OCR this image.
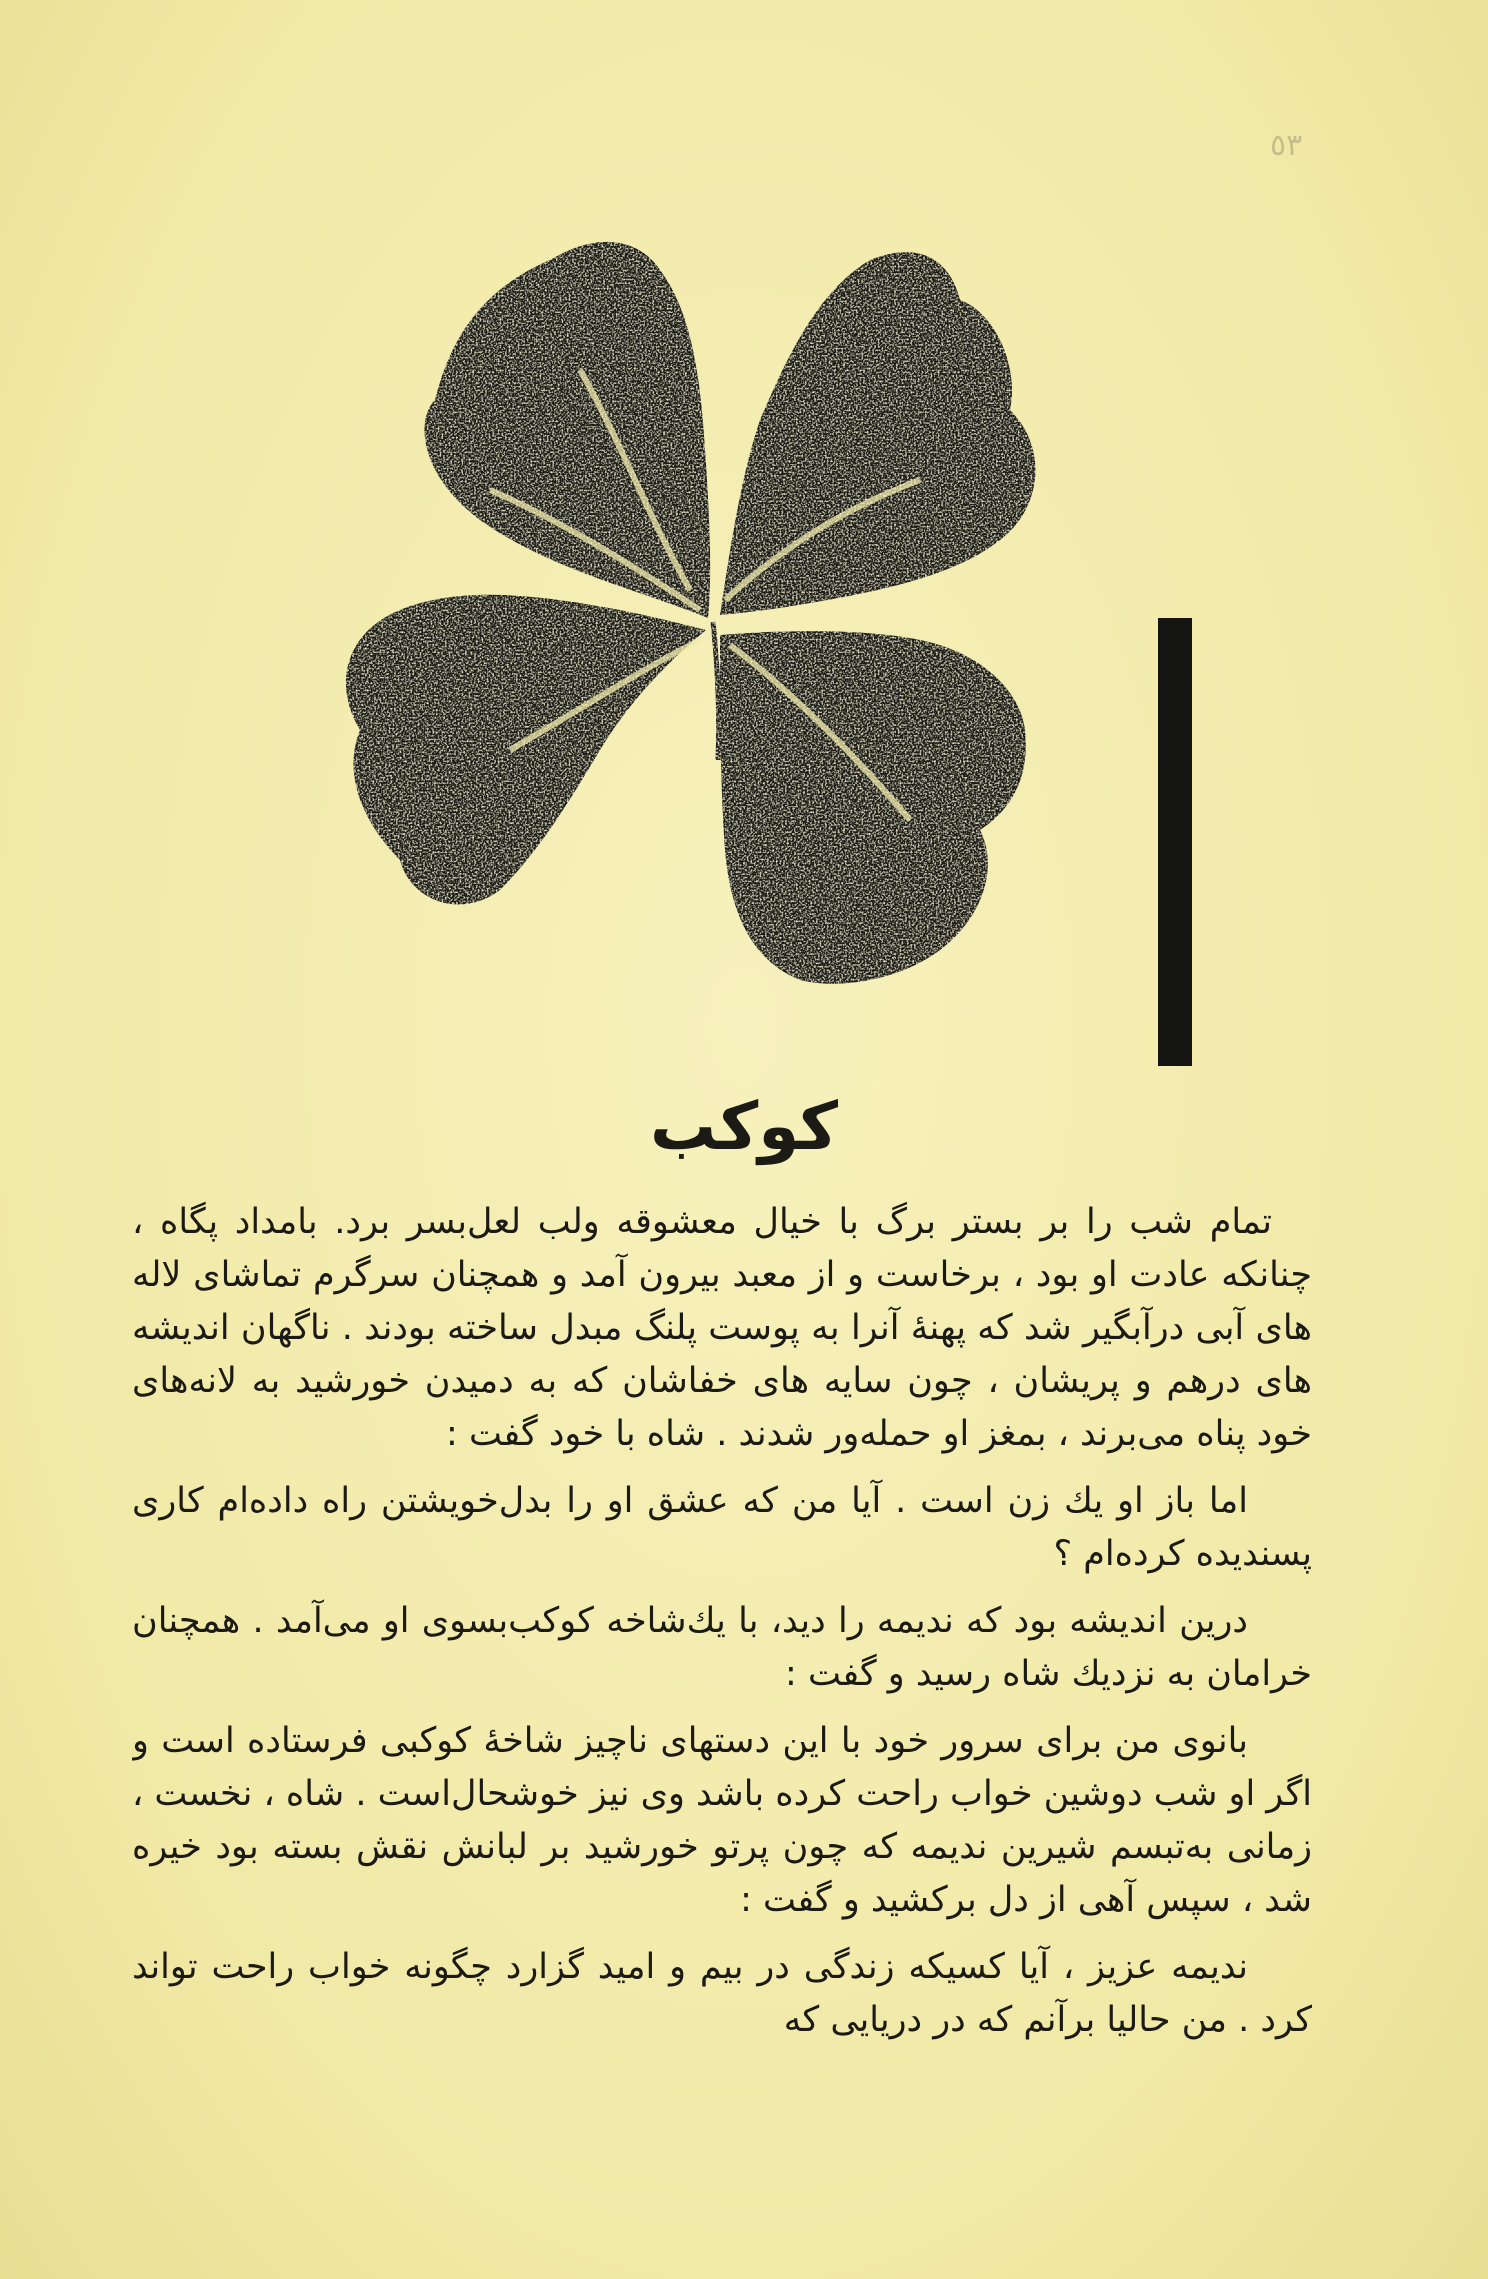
٥٣
کوکب

تمام شب را بر بستر برگ با خیال معشوقه ولب لعل‌بسر برد. بامداد پگاه ، چنانکه عادت او بود ، برخاست و از معبد بیرون آمد و همچنان سرگرم تماشای لاله های آبی درآبگیر شد که پهنهٔ آنرا به پوست پلنگ مبدل ساخته بودند . ناگهان اندیشه های درهم و پریشان ، چون سایه های خفاشان که به دمیدن خورشید به لانه‌های خود پناه می‌برند ، بمغز او حمله‌ور شدند . شاه با خود گفت :

اما باز او یك زن است . آیا من که عشق او را بدل‌خویشتن راه داده‌ام کاری پسندیده کرده‌ام ؟

درین اندیشه بود که ندیمه را دید، با یك‌شاخه کوکب‌بسوی او می‌آمد . همچنان خرامان به نزدیك شاه رسید و گفت :

بانوی من برای سرور خود با این دستهای ناچیز شاخهٔ کوکبی فرستاده است و اگر او شب دوشین خواب راحت کرده باشد وی نیز خوشحال‌است . شاه ، نخست ، زمانی به‌تبسم شیرین ندیمه که چون پرتو خورشید بر لبانش نقش بسته بود خیره شد ، سپس آهی از دل برکشید و گفت :

ندیمه عزیز ، آیا کسیکه زندگی در بیم و امید گزارد چگونه خواب راحت تواند کرد . من حالیا برآنم که در دریایی که
